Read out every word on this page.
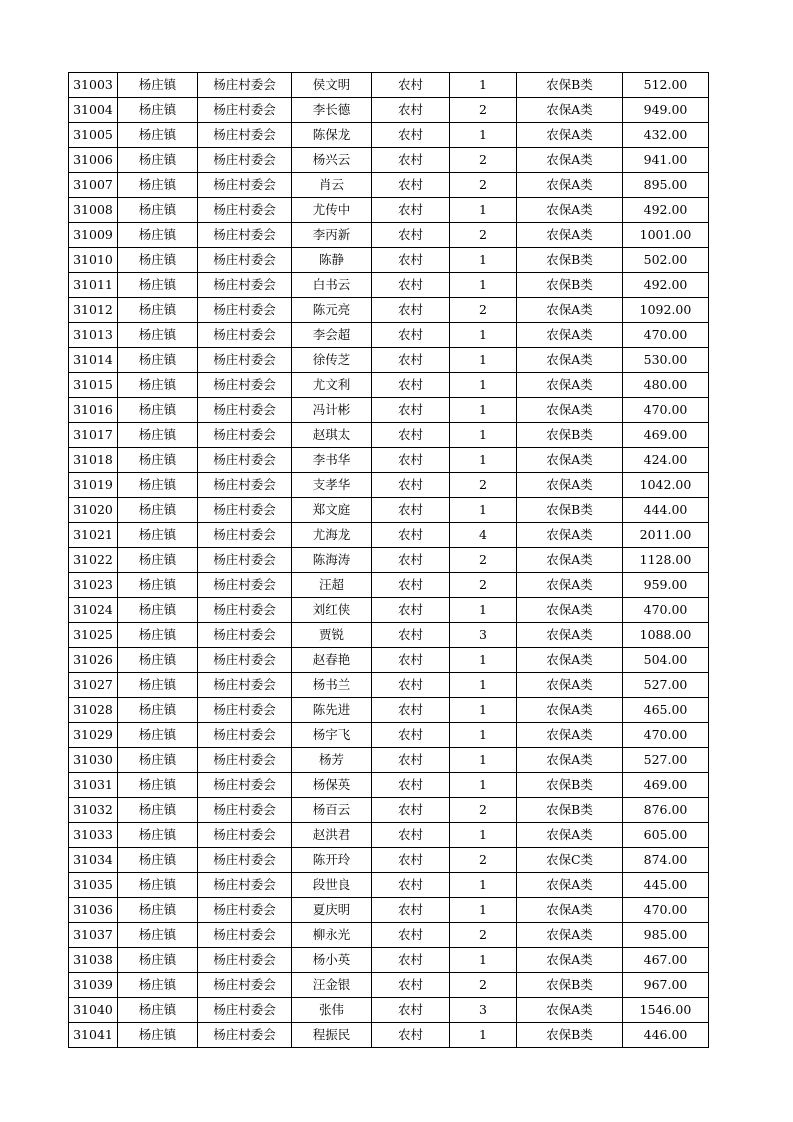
31003	杨庄镇	杨庄村委会	侯文明	农村	1	农保B类	512.00
31004	杨庄镇	杨庄村委会	李长德	农村	2	农保A类	949.00
31005	杨庄镇	杨庄村委会	陈保龙	农村	1	农保A类	432.00
31006	杨庄镇	杨庄村委会	杨兴云	农村	2	农保A类	941.00
31007	杨庄镇	杨庄村委会	肖云	农村	2	农保A类	895.00
31008	杨庄镇	杨庄村委会	尤传中	农村	1	农保A类	492.00
31009	杨庄镇	杨庄村委会	李丙新	农村	2	农保A类	1001.00
31010	杨庄镇	杨庄村委会	陈静	农村	1	农保B类	502.00
31011	杨庄镇	杨庄村委会	白书云	农村	1	农保B类	492.00
31012	杨庄镇	杨庄村委会	陈元亮	农村	2	农保A类	1092.00
31013	杨庄镇	杨庄村委会	李会超	农村	1	农保A类	470.00
31014	杨庄镇	杨庄村委会	徐传芝	农村	1	农保A类	530.00
31015	杨庄镇	杨庄村委会	尤文利	农村	1	农保A类	480.00
31016	杨庄镇	杨庄村委会	冯计彬	农村	1	农保A类	470.00
31017	杨庄镇	杨庄村委会	赵琪太	农村	1	农保B类	469.00
31018	杨庄镇	杨庄村委会	李书华	农村	1	农保A类	424.00
31019	杨庄镇	杨庄村委会	支孝华	农村	2	农保A类	1042.00
31020	杨庄镇	杨庄村委会	郑文庭	农村	1	农保B类	444.00
31021	杨庄镇	杨庄村委会	尤海龙	农村	4	农保A类	2011.00
31022	杨庄镇	杨庄村委会	陈海涛	农村	2	农保A类	1128.00
31023	杨庄镇	杨庄村委会	汪超	农村	2	农保A类	959.00
31024	杨庄镇	杨庄村委会	刘红侠	农村	1	农保A类	470.00
31025	杨庄镇	杨庄村委会	贾锐	农村	3	农保A类	1088.00
31026	杨庄镇	杨庄村委会	赵春艳	农村	1	农保A类	504.00
31027	杨庄镇	杨庄村委会	杨书兰	农村	1	农保A类	527.00
31028	杨庄镇	杨庄村委会	陈先进	农村	1	农保A类	465.00
31029	杨庄镇	杨庄村委会	杨宇飞	农村	1	农保A类	470.00
31030	杨庄镇	杨庄村委会	杨芳	农村	1	农保A类	527.00
31031	杨庄镇	杨庄村委会	杨保英	农村	1	农保B类	469.00
31032	杨庄镇	杨庄村委会	杨百云	农村	2	农保B类	876.00
31033	杨庄镇	杨庄村委会	赵洪君	农村	1	农保A类	605.00
31034	杨庄镇	杨庄村委会	陈开玲	农村	2	农保C类	874.00
31035	杨庄镇	杨庄村委会	段世良	农村	1	农保A类	445.00
31036	杨庄镇	杨庄村委会	夏庆明	农村	1	农保A类	470.00
31037	杨庄镇	杨庄村委会	柳永光	农村	2	农保A类	985.00
31038	杨庄镇	杨庄村委会	杨小英	农村	1	农保A类	467.00
31039	杨庄镇	杨庄村委会	汪金银	农村	2	农保B类	967.00
31040	杨庄镇	杨庄村委会	张伟	农村	3	农保A类	1546.00
31041	杨庄镇	杨庄村委会	程振民	农村	1	农保B类	446.00
